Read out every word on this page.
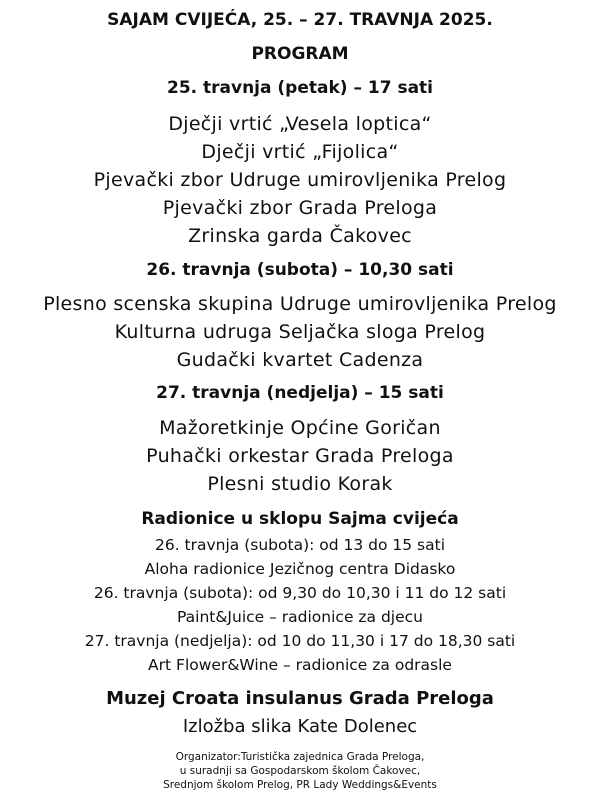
SAJAM CVIJEĆA, 25. – 27. TRAVNJA 2025.
PROGRAM
25. travnja (petak) – 17 sati
Dječji vrtić „Vesela loptica“
Dječji vrtić „Fijolica“
Pjevački zbor Udruge umirovljenika Prelog
Pjevački zbor Grada Preloga
Zrinska garda Čakovec
26. travnja (subota) – 10,30 sati
Plesno scenska skupina Udruge umirovljenika Prelog
Kulturna udruga Seljačka sloga Prelog
Gudački kvartet Cadenza
27. travnja (nedjelja) – 15 sati
Mažoretkinje Općine Goričan
Puhački orkestar Grada Preloga
Plesni studio Korak
Radionice u sklopu Sajma cvijeća
26. travnja (subota): od 13 do 15 sati
Aloha radionice Jezičnog centra Didasko
26. travnja (subota): od 9,30 do 10,30 i 11 do 12 sati
Paint&Juice – radionice za djecu
27. travnja (nedjelja): od 10 do 11,30 i 17 do 18,30 sati
Art Flower&Wine – radionice za odrasle
Muzej Croata insulanus Grada Preloga
Izložba slika Kate Dolenec
Organizator:Turistička zajednica Grada Preloga,
u suradnji sa Gospodarskom školom Čakovec,
Srednjom školom Prelog, PR Lady Weddings&Events
